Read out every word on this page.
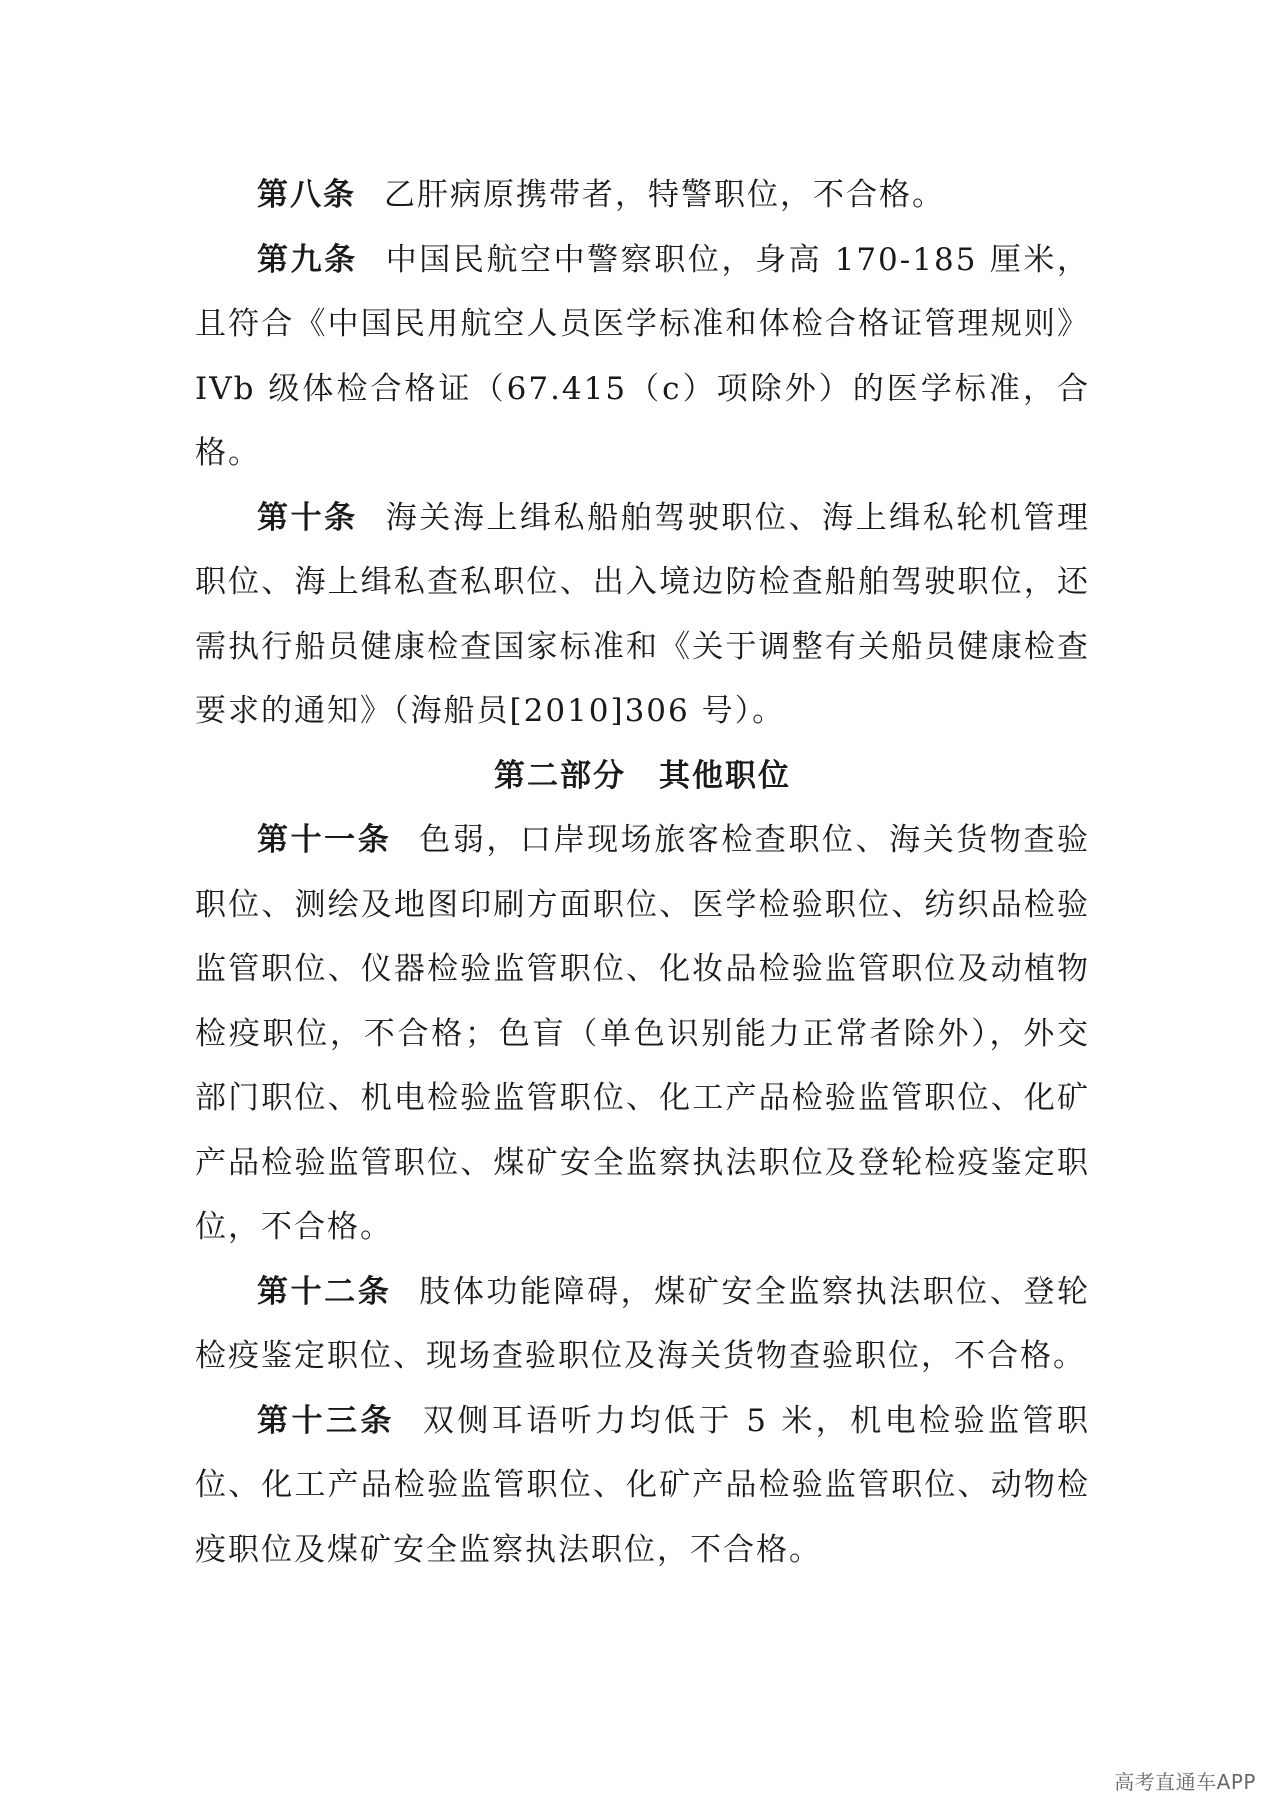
第八条 乙肝病原携带者，特警职位，不合格。

第九条 中国民航空中警察职位，身高 170-185 厘米，且符合《中国民用航空人员医学标准和体检合格证管理规则》IVb 级体检合格证（67.415（c）项除外）的医学标准，合格。

第十条 海关海上缉私船舶驾驶职位、海上缉私轮机管理职位、海上缉私查私职位、出入境边防检查船舶驾驶职位，还需执行船员健康检查国家标准和《关于调整有关船员健康检查要求的通知》（海船员[2010]306 号）。

第二部分　其他职位

第十一条 色弱，口岸现场旅客检查职位、海关货物查验职位、测绘及地图印刷方面职位、医学检验职位、纺织品检验监管职位、仪器检验监管职位、化妆品检验监管职位及动植物检疫职位，不合格；色盲（单色识别能力正常者除外），外交部门职位、机电检验监管职位、化工产品检验监管职位、化矿产品检验监管职位、煤矿安全监察执法职位及登轮检疫鉴定职位，不合格。

第十二条 肢体功能障碍，煤矿安全监察执法职位、登轮检疫鉴定职位、现场查验职位及海关货物查验职位，不合格。

第十三条 双侧耳语听力均低于 5 米，机电检验监管职位、化工产品检验监管职位、化矿产品检验监管职位、动物检疫职位及煤矿安全监察执法职位，不合格。

高考直通车APP
